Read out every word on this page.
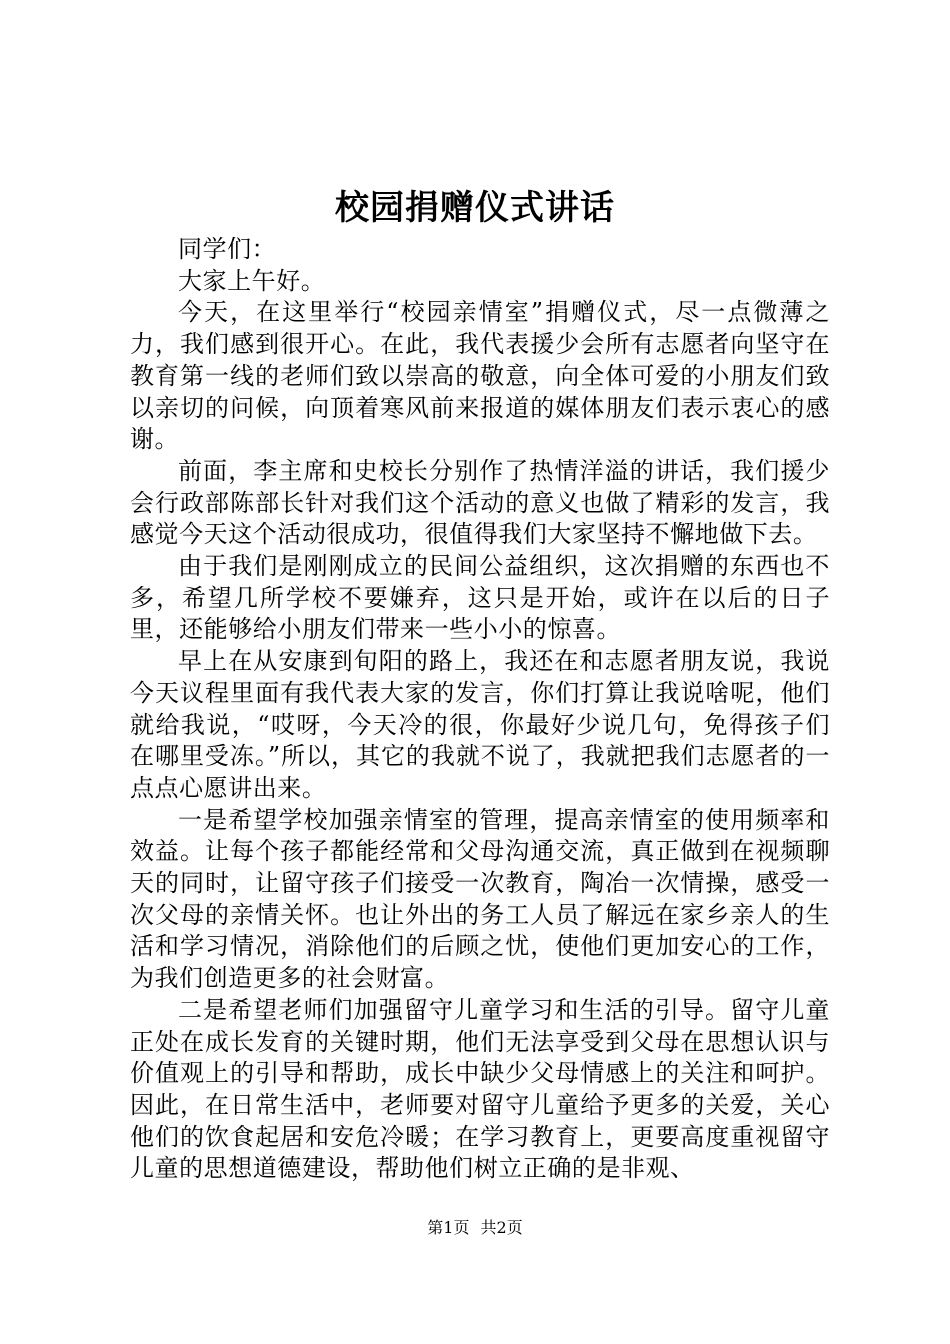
校园捐赠仪式讲话

同学们：

大家上午好。

今天，在这里举行“校园亲情室”捐赠仪式，尽一点微薄之力，我们感到很开心。在此，我代表援少会所有志愿者向坚守在教育第一线的老师们致以崇高的敬意，向全体可爱的小朋友们致以亲切的问候，向顶着寒风前来报道的媒体朋友们表示衷心的感谢。

前面，李主席和史校长分别作了热情洋溢的讲话，我们援少会行政部陈部长针对我们这个活动的意义也做了精彩的发言，我感觉今天这个活动很成功，很值得我们大家坚持不懈地做下去。

由于我们是刚刚成立的民间公益组织，这次捐赠的东西也不多，希望几所学校不要嫌弃，这只是开始，或许在以后的日子里，还能够给小朋友们带来一些小小的惊喜。

早上在从安康到旬阳的路上，我还在和志愿者朋友说，我说今天议程里面有我代表大家的发言，你们打算让我说啥呢，他们就给我说，“哎呀，今天冷的很，你最好少说几句，免得孩子们在哪里受冻。”所以，其它的我就不说了，我就把我们志愿者的一点点心愿讲出来。

一是希望学校加强亲情室的管理，提高亲情室的使用频率和效益。让每个孩子都能经常和父母沟通交流，真正做到在视频聊天的同时，让留守孩子们接受一次教育，陶冶一次情操，感受一次父母的亲情关怀。也让外出的务工人员了解远在家乡亲人的生活和学习情况，消除他们的后顾之忧，使他们更加安心的工作，为我们创造更多的社会财富。

二是希望老师们加强留守儿童学习和生活的引导。留守儿童正处在成长发育的关键时期，他们无法享受到父母在思想认识与价值观上的引导和帮助，成长中缺少父母情感上的关注和呵护。因此，在日常生活中，老师要对留守儿童给予更多的关爱，关心他们的饮食起居和安危冷暖；在学习教育上，更要高度重视留守儿童的思想道德建设，帮助他们树立正确的是非观、

第1页 共2页
